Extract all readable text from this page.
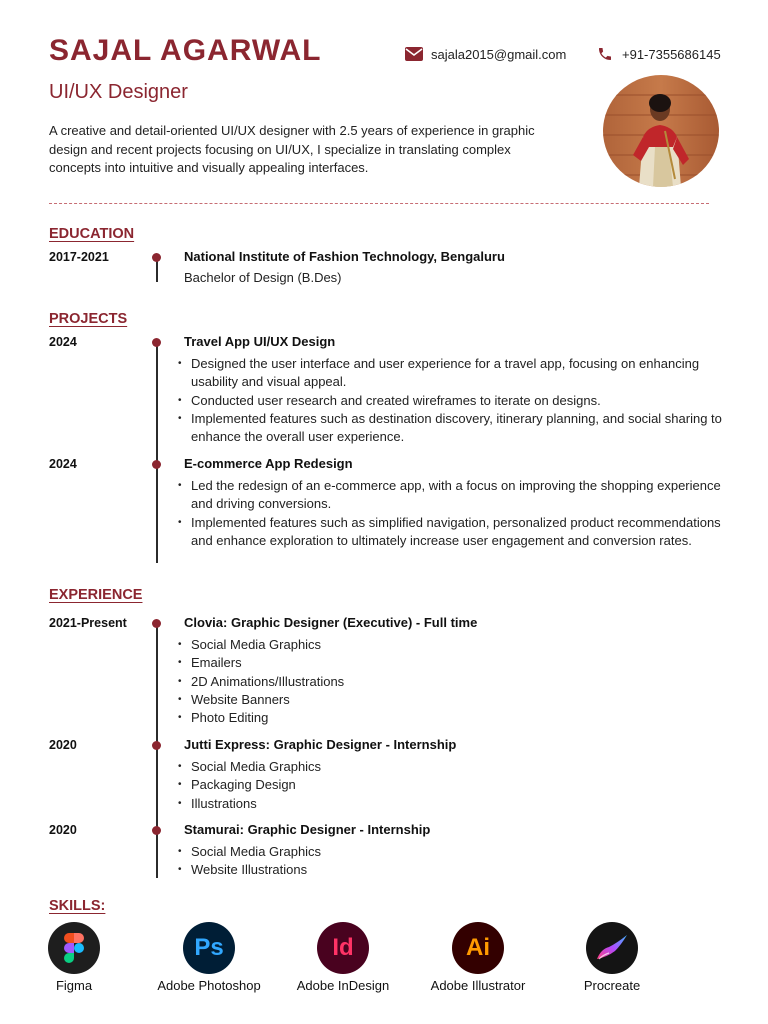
SAJAL AGARWAL
UI/UX Designer
sajala2015@gmail.com	+91-7355686145
A creative and detail-oriented UI/UX designer with 2.5 years of experience in graphic design and recent projects focusing on UI/UX, I specialize in translating complex concepts into intuitive and visually appealing interfaces.
EDUCATION
2017-2021	National Institute of Fashion Technology, Bengaluru
Bachelor of Design (B.Des)
PROJECTS
2024	Travel App UI/UX Design
• Designed the user interface and user experience for a travel app, focusing on enhancing usability and visual appeal.
• Conducted user research and created wireframes to iterate on designs.
• Implemented features such as destination discovery, itinerary planning, and social sharing to enhance the overall user experience.
2024	E-commerce App Redesign
• Led the redesign of an e-commerce app, with a focus on improving the shopping experience and driving conversions.
• Implemented features such as simplified navigation, personalized product recommendations and enhance exploration to ultimately increase user engagement and conversion rates.
EXPERIENCE
2021-Present	Clovia: Graphic Designer (Executive) - Full time
• Social Media Graphics
• Emailers
• 2D Animations/Illustrations
• Website Banners
• Photo Editing
2020	Jutti Express: Graphic Designer - Internship
• Social Media Graphics
• Packaging Design
• Illustrations
2020	Stamurai: Graphic Designer - Internship
• Social Media Graphics
• Website Illustrations
SKILLS:
Figma
Ps
Adobe Photoshop
Id
Adobe InDesign
Ai
Adobe Illustrator	Procreate
